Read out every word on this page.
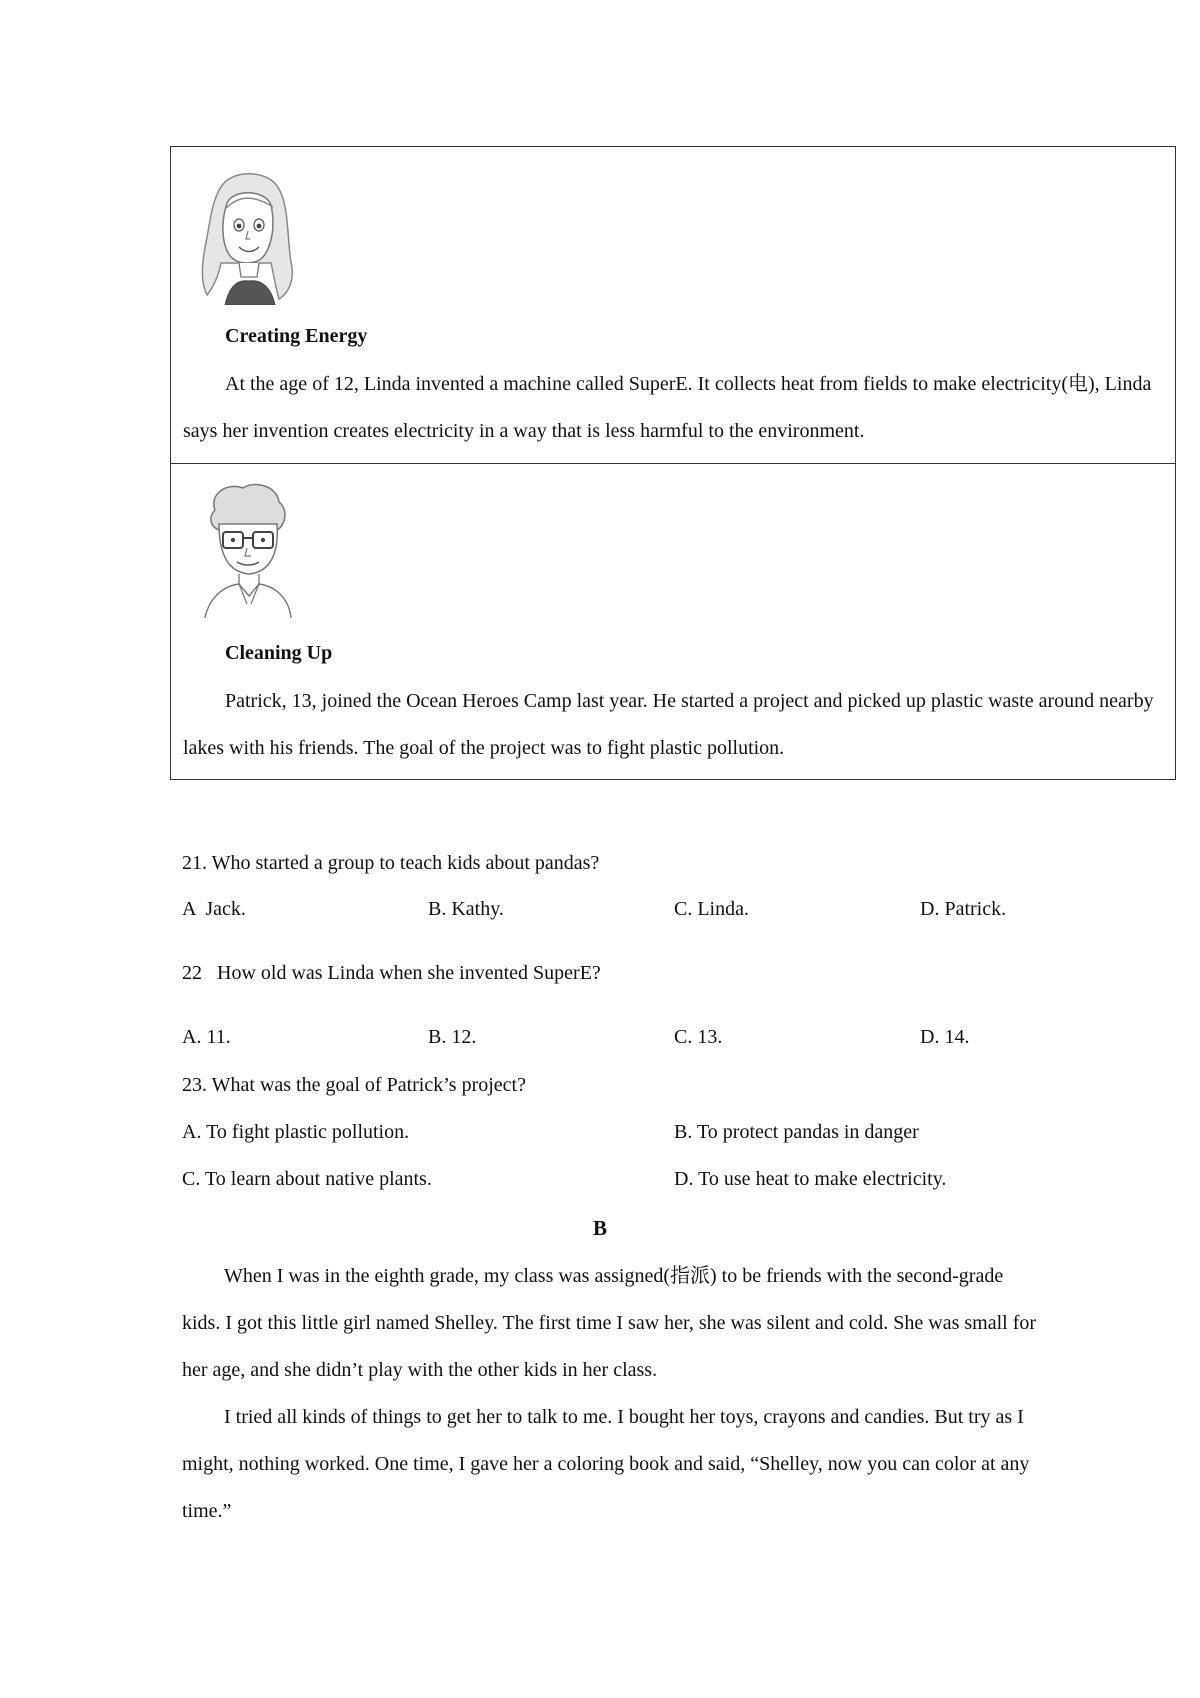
Creating Energy
At the age of 12, Linda invented a machine called SuperE. It collects heat from fields to make electricity(电), Linda says her invention creates electricity in a way that is less harmful to the environment.
Cleaning Up
Patrick, 13, joined the Ocean Heroes Camp last year. He started a project and picked up plastic waste around nearby lakes with his friends. The goal of the project was to fight plastic pollution.
21. Who started a group to teach kids about pandas?
A  Jack.	B. Kathy.	C. Linda.	D. Patrick.
22   How old was Linda when she invented SuperE?
A. 11.	B. 12.	C. 13.	D. 14.
23. What was the goal of Patrick’s project?
A. To fight plastic pollution.	B. To protect pandas in danger
C. To learn about native plants.	D. To use heat to make electricity.
B

When I was in the eighth grade, my class was assigned(指派) to be friends with the second-grade kids. I got this little girl named Shelley. The first time I saw her, she was silent and cold. She was small for her age, and she didn’t play with the other kids in her class.

I tried all kinds of things to get her to talk to me. I bought her toys, crayons and candies. But try as I might, nothing worked. One time, I gave her a coloring book and said, “Shelley, now you can color at any time.”
